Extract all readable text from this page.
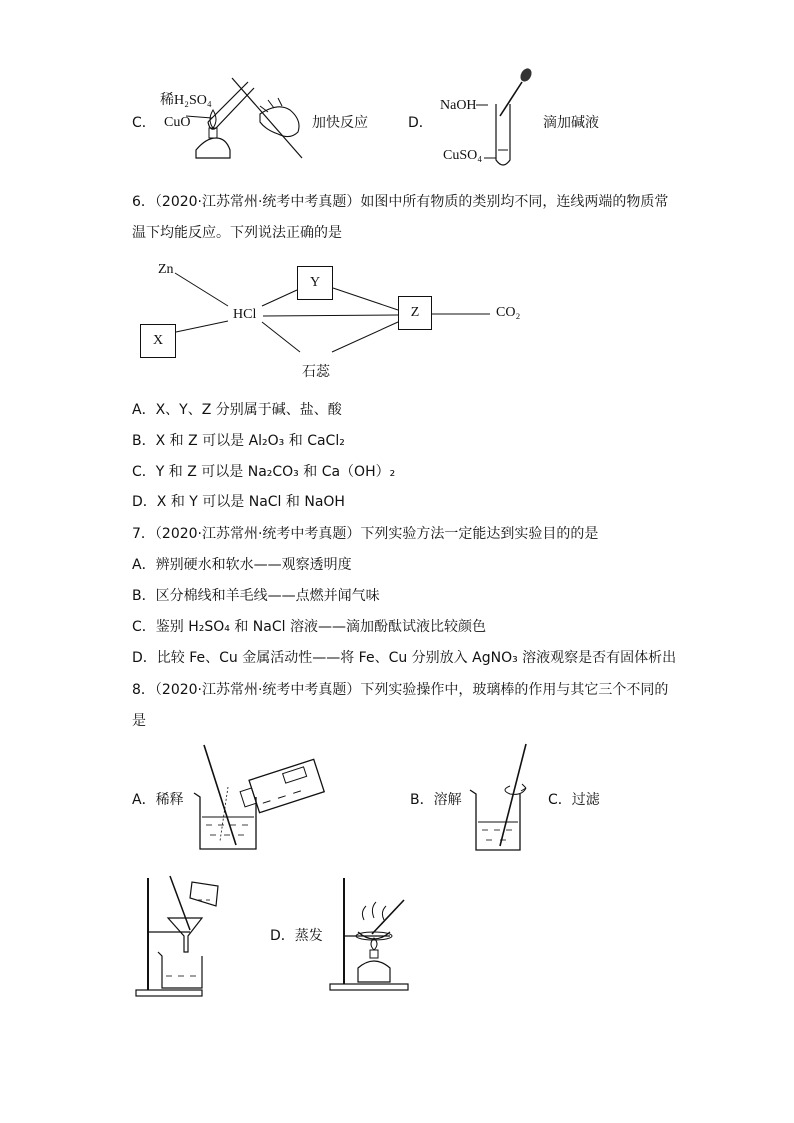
C．
稀H₂SO₄
CuO	加快反应	D．
NaOH
CuSO₄
滴加碱液
6．（2020·江苏常州·统考中考真题）如图中所有物质的类别均不同，连线两端的物质常
温下均能反应。下列说法正确的是
Zn
HCl
X
Y
Z	CO₂
石蕊
A．X、Y、Z 分别属于碱、盐、酸
B．X 和 Z 可以是 Al₂O₃ 和 CaCl₂
C．Y 和 Z 可以是 Na₂CO₃ 和 Ca（OH）₂
D．X 和 Y 可以是 NaCl 和 NaOH
7．（2020·江苏常州·统考中考真题）下列实验方法一定能达到实验目的的是
A．辨别硬水和软水——观察透明度
B．区分棉线和羊毛线——点燃并闻气味
C．鉴别 H₂SO₄ 和 NaCl 溶液——滴加酚酞试液比较颜色
D．比较 Fe、Cu 金属活动性——将 Fe、Cu 分别放入 AgNO₃ 溶液观察是否有固体析出
8．（2020·江苏常州·统考中考真题）下列实验操作中，玻璃棒的作用与其它三个不同的
是
A．稀释	B．溶解	C．过滤
D．蒸发
